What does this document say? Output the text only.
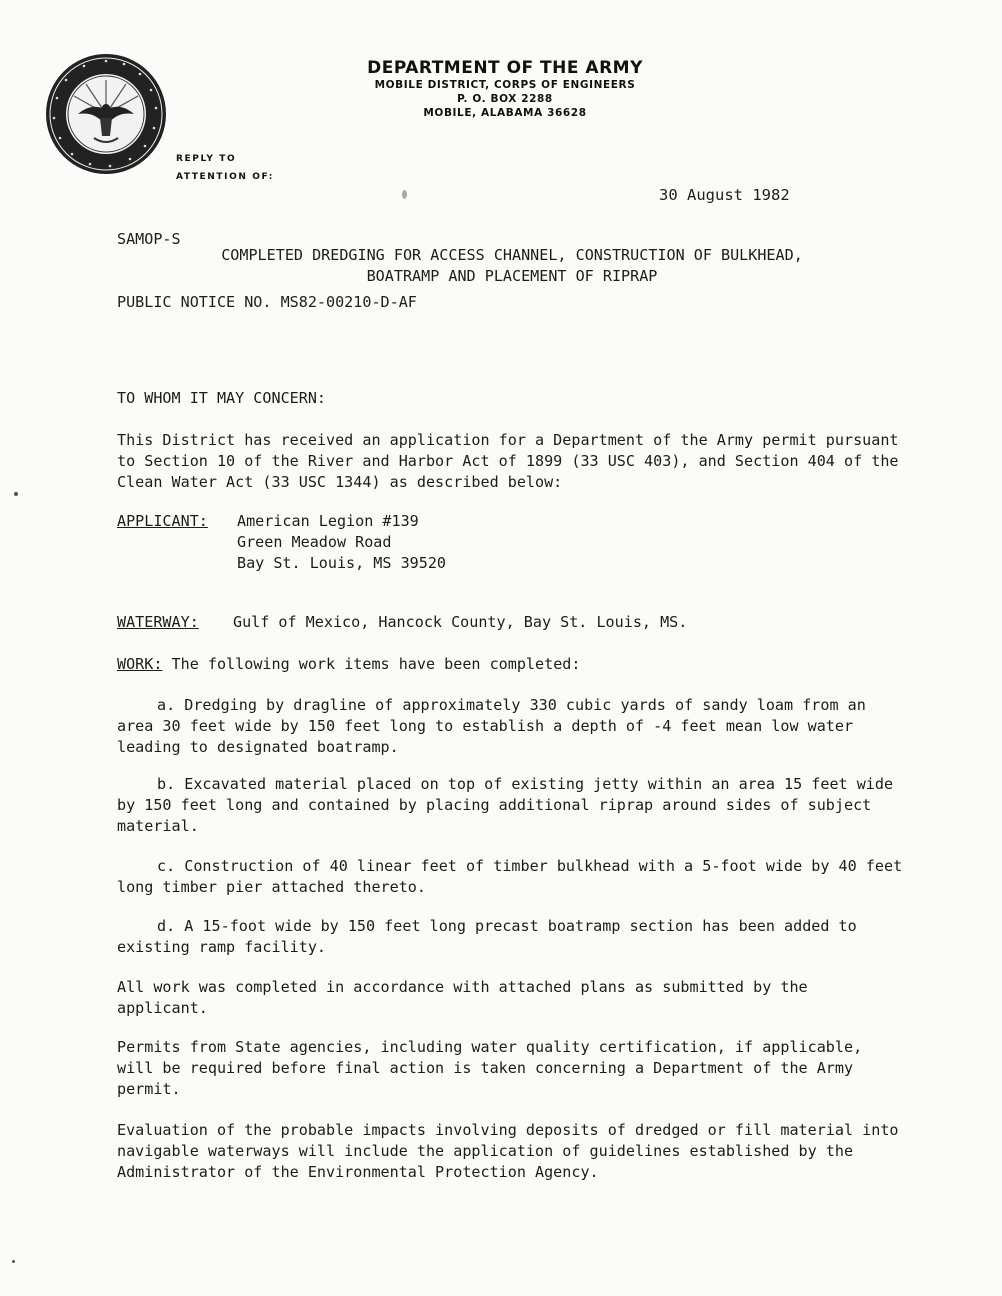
DEPARTMENT OF THE ARMY
MOBILE DISTRICT, CORPS OF ENGINEERS
P. O. BOX 2288
MOBILE, ALABAMA 36628
REPLY TO
ATTENTION OF:

SAMOP-S

PUBLIC NOTICE NO. MS82-00210-D-AF

30 August 1982
COMPLETED DREDGING FOR ACCESS CHANNEL, CONSTRUCTION OF BULKHEAD,
BOATRAMP AND PLACEMENT OF RIPRAP
TO WHOM IT MAY CONCERN:
This District has received an application for a Department of the Army permit pursuant to Section 10 of the River and Harbor Act of 1899 (33 USC 403), and Section 404 of the Clean Water Act (33 USC 1344) as described below:
APPLICANT:	American Legion #139
Green Meadow Road
Bay St. Louis, MS 39520
WATERWAY: Gulf of Mexico, Hancock County, Bay St. Louis, MS.
WORK: The following work items have been completed:
a. Dredging by dragline of approximately 330 cubic yards of sandy loam from an area 30 feet wide by 150 feet long to establish a depth of -4 feet mean low water leading to designated boatramp.
b. Excavated material placed on top of existing jetty within an area 15 feet wide by 150 feet long and contained by placing additional riprap around sides of subject material.
c. Construction of 40 linear feet of timber bulkhead with a 5-foot wide by 40 feet long timber pier attached thereto.
d. A 15-foot wide by 150 feet long precast boatramp section has been added to existing ramp facility.
All work was completed in accordance with attached plans as submitted by the applicant.
Permits from State agencies, including water quality certification, if applicable, will be required before final action is taken concerning a Department of the Army permit.
Evaluation of the probable impacts involving deposits of dredged or fill material into navigable waterways will include the application of guidelines established by the Administrator of the Environmental Protection Agency.
